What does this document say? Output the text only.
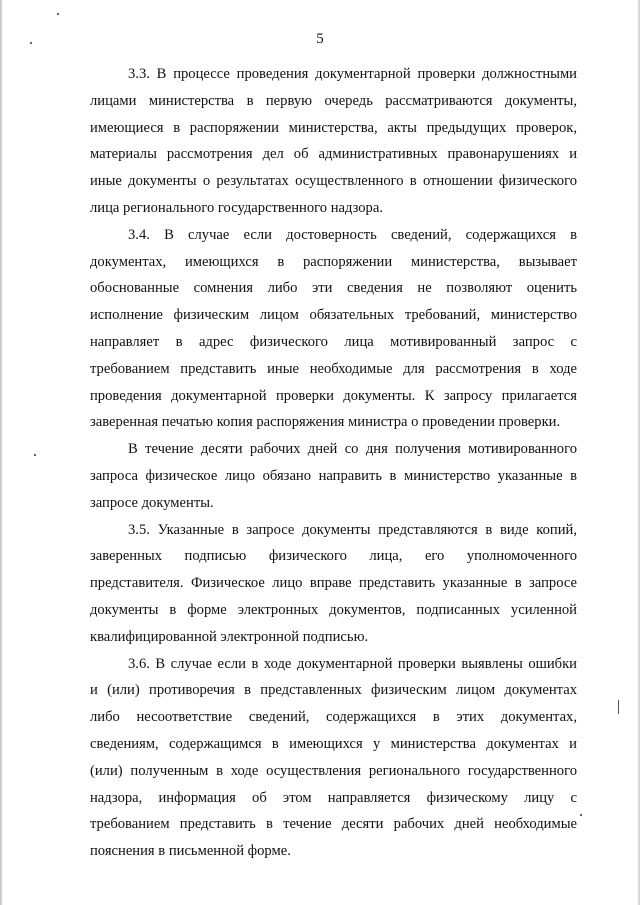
5
3.3. В процессе проведения документарной проверки должностными
лицами министерства в первую очередь рассматриваются документы,
имеющиеся в распоряжении министерства, акты предыдущих проверок,
материалы рассмотрения дел об административных правонарушениях и
иные документы о результатах осуществленного в отношении физического
лица регионального государственного надзора.
3.4. В случае если достоверность сведений, содержащихся в
документах, имеющихся в распоряжении министерства, вызывает
обоснованные сомнения либо эти сведения не позволяют оценить
исполнение физическим лицом обязательных требований, министерство
направляет в адрес физического лица мотивированный запрос с
требованием представить иные необходимые для рассмотрения в ходе
проведения документарной проверки документы. К запросу прилагается
заверенная печатью копия распоряжения министра о проведении проверки.
В течение десяти рабочих дней со дня получения мотивированного
запроса физическое лицо обязано направить в министерство указанные в
запросе документы.
3.5. Указанные в запросе документы представляются в виде копий,
заверенных подписью физического лица, его уполномоченного
представителя. Физическое лицо вправе представить указанные в запросе
документы в форме электронных документов, подписанных усиленной
квалифицированной электронной подписью.
3.6. В случае если в ходе документарной проверки выявлены ошибки
и (или) противоречия в представленных физическим лицом документах
либо несоответствие сведений, содержащихся в этих документах,
сведениям, содержащимся в имеющихся у министерства документах и
(или) полученным в ходе осуществления регионального государственного
надзора, информация об этом направляется физическому лицу с
требованием представить в течение десяти рабочих дней необходимые
пояснения в письменной форме.
